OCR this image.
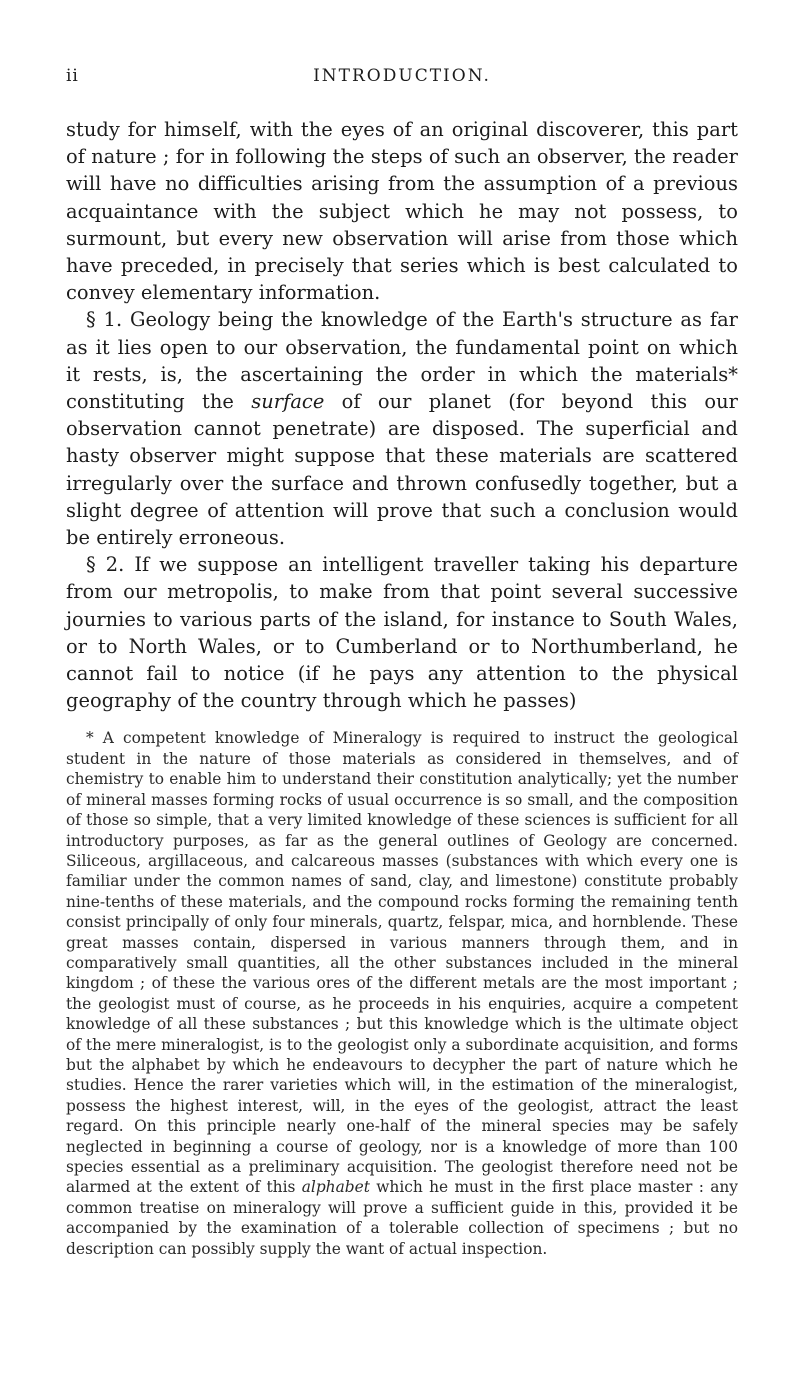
ii	INTRODUCTION.

study for himself, with the eyes of an original discoverer, this part of nature ; for in following the steps of such an observer, the reader will have no difficulties arising from the assumption of a previous acquaintance with the subject which he may not possess, to surmount, but every new observation will arise from those which have preceded, in precisely that series which is best calculated to convey elementary information.

§ 1. Geology being the knowledge of the Earth's structure as far as it lies open to our observation, the fundamental point on which it rests, is, the ascertaining the order in which the materials* constituting the surface of our planet (for beyond this our observation cannot penetrate) are disposed. The superficial and hasty observer might suppose that these materials are scattered irregularly over the surface and thrown confusedly together, but a slight degree of attention will prove that such a conclusion would be entirely erroneous.

§ 2. If we suppose an intelligent traveller taking his departure from our metropolis, to make from that point several successive journies to various parts of the island, for instance to South Wales, or to North Wales, or to Cumberland or to Northumberland, he cannot fail to notice (if he pays any attention to the physical geography of the country through which he passes)

* A competent knowledge of Mineralogy is required to instruct the geological student in the nature of those materials as considered in themselves, and of chemistry to enable him to understand their constitution analytically; yet the number of mineral masses forming rocks of usual occurrence is so small, and the composition of those so simple, that a very limited knowledge of these sciences is sufficient for all introductory purposes, as far as the general outlines of Geology are concerned. Siliceous, argillaceous, and calcareous masses (substances with which every one is familiar under the common names of sand, clay, and limestone) constitute probably nine-tenths of these materials, and the compound rocks forming the remaining tenth consist principally of only four minerals, quartz, felspar, mica, and hornblende. These great masses contain, dispersed in various manners through them, and in comparatively small quantities, all the other substances included in the mineral kingdom ; of these the various ores of the different metals are the most important ; the geologist must of course, as he proceeds in his enquiries, acquire a competent knowledge of all these substances ; but this knowledge which is the ultimate object of the mere mineralogist, is to the geologist only a subordinate acquisition, and forms but the alphabet by which he endeavours to decypher the part of nature which he studies. Hence the rarer varieties which will, in the estimation of the mineralogist, possess the highest interest, will, in the eyes of the geologist, attract the least regard. On this principle nearly one-half of the mineral species may be safely neglected in beginning a course of geology, nor is a knowledge of more than 100 species essential as a preliminary acquisition. The geologist therefore need not be alarmed at the extent of this alphabet which he must in the first place master : any common treatise on mineralogy will prove a sufficient guide in this, provided it be accompanied by the examination of a tolerable collection of specimens ; but no description can possibly supply the want of actual inspection.
